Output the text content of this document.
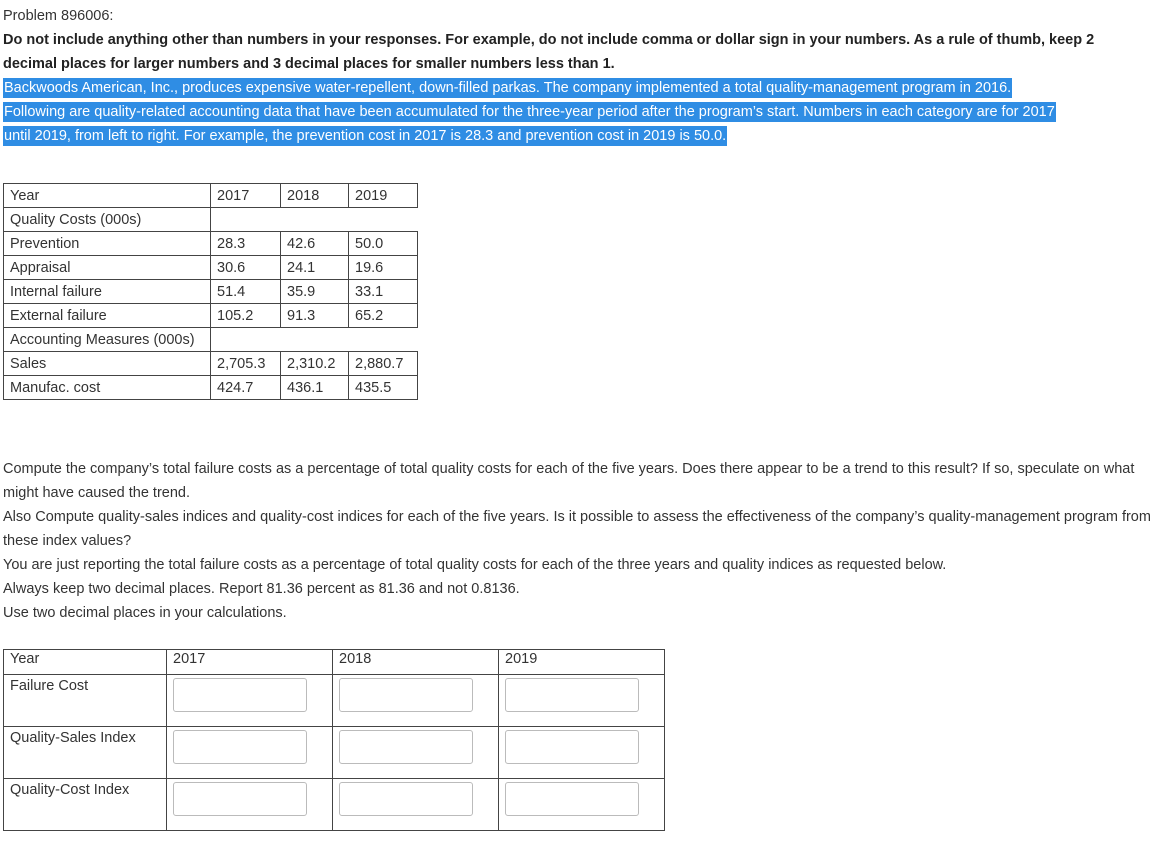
Problem 896006:
Do not include anything other than numbers in your responses. For example, do not include comma or dollar sign in your numbers. As a rule of thumb, keep 2
decimal places for larger numbers and 3 decimal places for smaller numbers less than 1.
Backwoods American, Inc., produces expensive water-repellent, down-filled parkas. The company implemented a total quality-management program in 2016.
Following are quality-related accounting data that have been accumulated for the three-year period after the program’s start. Numbers in each category are for 2017
until 2019, from left to right. For example, the prevention cost in 2017 is 28.3 and prevention cost in 2019 is 50.0.
Year	2017	2018	2019
Quality Costs (000s)			
Prevention	28.3	42.6	50.0
Appraisal	30.6	24.1	19.6
Internal failure	51.4	35.9	33.1
External failure	105.2	91.3	65.2
Accounting Measures (000s)			
Sales	2,705.3	2,310.2	2,880.7
Manufac. cost	424.7	436.1	435.5
Compute the company’s total failure costs as a percentage of total quality costs for each of the five years. Does there appear to be a trend to this result? If so, speculate on what might have caused the trend.
Also Compute quality-sales indices and quality-cost indices for each of the five years. Is it possible to assess the effectiveness of the company’s quality-management program from these index values?
You are just reporting the total failure costs as a percentage of total quality costs for each of the three years and quality indices as requested below.
Always keep two decimal places. Report 81.36 percent as 81.36 and not 0.8136.
Use two decimal places in your calculations.
Year	2017	2018	2019
Failure Cost	

Quality-Sales Index	

Quality-Cost Index	
